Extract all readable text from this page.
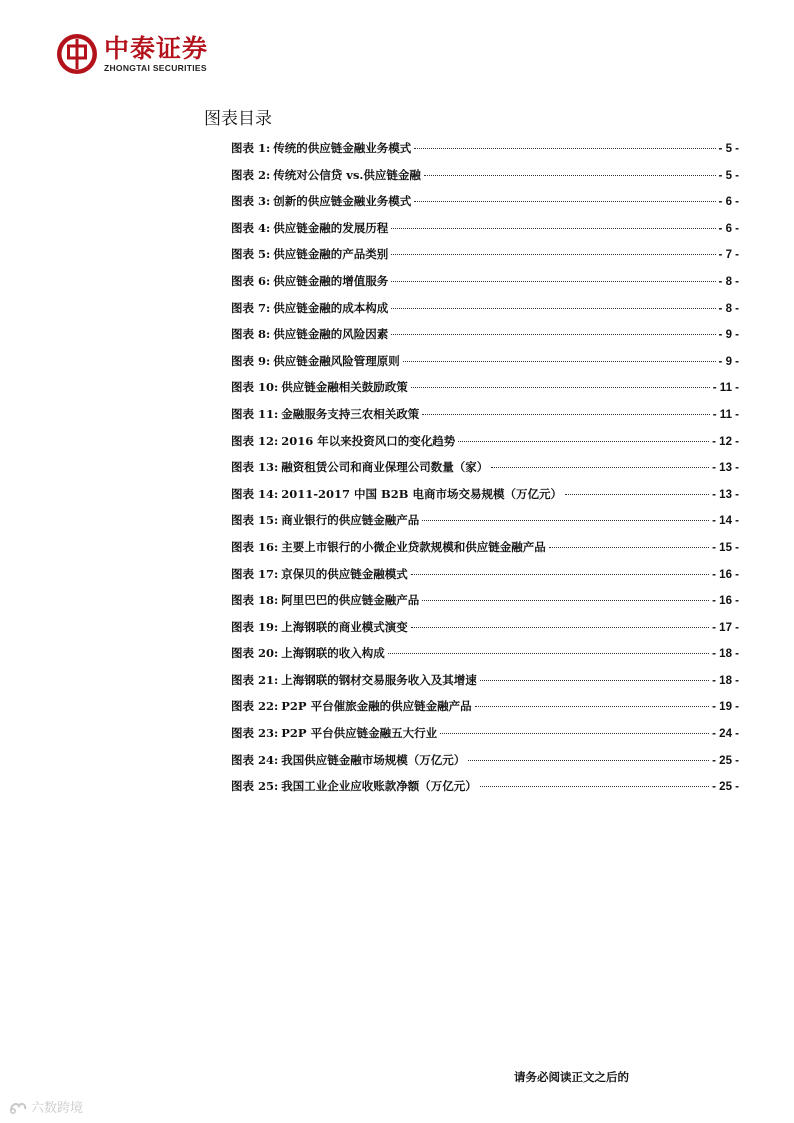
中泰证券
ZHONGTAI SECURITIES
图表目录
图表 1: 传统的供应链金融业务模式	- 5 -
图表 2: 传统对公信贷 vs.供应链金融	- 5 -
图表 3: 创新的供应链金融业务模式	- 6 -
图表 4: 供应链金融的发展历程	- 6 -
图表 5: 供应链金融的产品类别	- 7 -
图表 6: 供应链金融的增值服务	- 8 -
图表 7: 供应链金融的成本构成	- 8 -
图表 8: 供应链金融的风险因素	- 9 -
图表 9: 供应链金融风险管理原则	- 9 -
图表 10: 供应链金融相关鼓励政策	- 11 -
图表 11: 金融服务支持三农相关政策	- 11 -
图表 12: 2016 年以来投资风口的变化趋势	- 12 -
图表 13: 融资租赁公司和商业保理公司数量（家）	- 13 -
图表 14: 2011-2017 中国 B2B 电商市场交易规模（万亿元）	- 13 -
图表 15: 商业银行的供应链金融产品	- 14 -
图表 16: 主要上市银行的小微企业贷款规模和供应链金融产品	- 15 -
图表 17: 京保贝的供应链金融模式	- 16 -
图表 18: 阿里巴巴的供应链金融产品	- 16 -
图表 19: 上海钢联的商业模式演变	- 17 -
图表 20: 上海钢联的收入构成	- 18 -
图表 21: 上海钢联的钢材交易服务收入及其增速	- 18 -
图表 22: P2P 平台催旅金融的供应链金融产品	- 19 -
图表 23: P2P 平台供应链金融五大行业	- 24 -
图表 24: 我国供应链金融市场规模（万亿元）	- 25 -
图表 25: 我国工业企业应收账款净额（万亿元）	- 25 -
请务必阅读正文之后的
六数跨境
